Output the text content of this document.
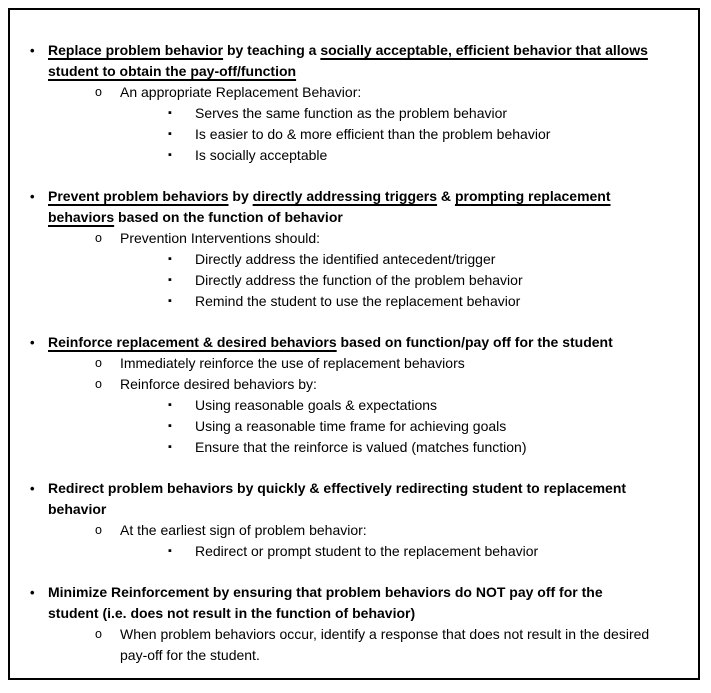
• Replace problem behavior by teaching a socially acceptable, efficient behavior that allows
student to obtain the pay-off/function
o	An appropriate Replacement Behavior:
▪	Serves the same function as the problem behavior
▪	Is easier to do & more efficient than the problem behavior
▪	Is socially acceptable
• Prevent problem behaviors by directly addressing triggers & prompting replacement
behaviors based on the function of behavior
o	Prevention Interventions should:
▪	Directly address the identified antecedent/trigger
▪	Directly address the function of the problem behavior
▪	Remind the student to use the replacement behavior
• Reinforce replacement & desired behaviors based on function/pay off for the student
o	Immediately reinforce the use of replacement behaviors
o	Reinforce desired behaviors by:
▪	Using reasonable goals & expectations
▪	Using a reasonable time frame for achieving goals
▪	Ensure that the reinforce is valued (matches function)
• Redirect problem behaviors by quickly & effectively redirecting student to replacement
behavior
o	At the earliest sign of problem behavior:
▪	Redirect or prompt student to the replacement behavior
• Minimize Reinforcement by ensuring that problem behaviors do NOT pay off for the
student (i.e. does not result in the function of behavior)
o	When problem behaviors occur, identify a response that does not result in the desired
pay-off for the student.
